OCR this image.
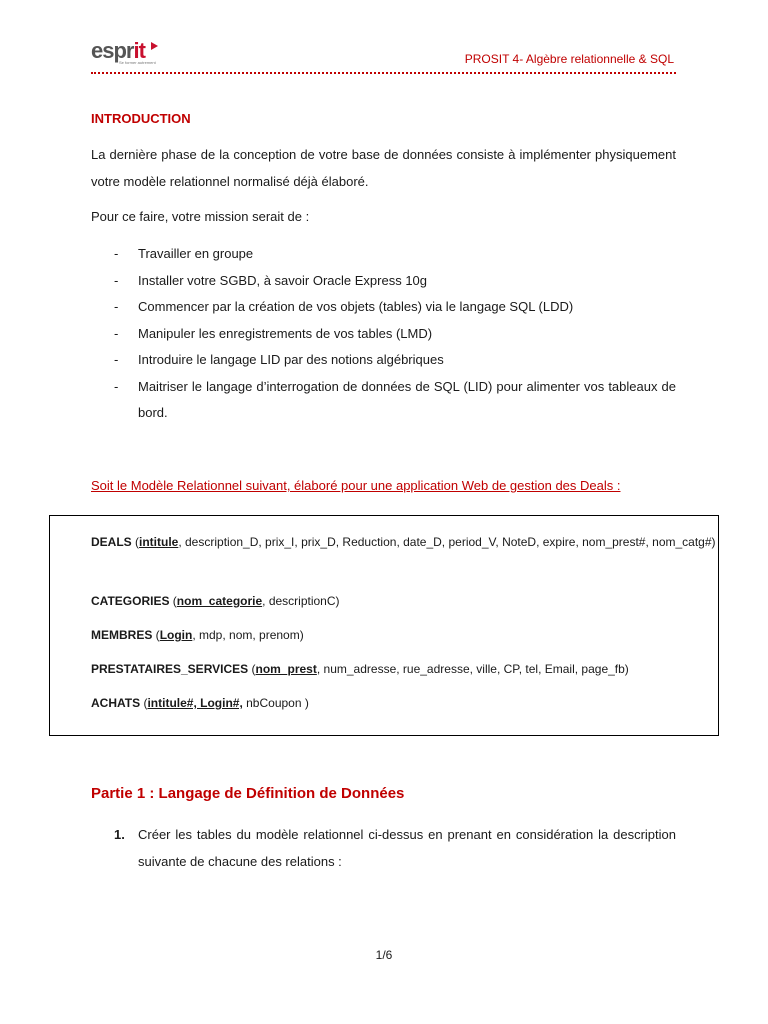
esprit
Se former autrement	PROSIT 4- Algèbre relationnelle & SQL
INTRODUCTION
La dernière phase de la conception de votre base de données consiste à implémenter physiquement votre modèle relationnel normalisé déjà élaboré.
Pour ce faire, votre mission serait de :
- Travailler en groupe
- Installer votre SGBD, à savoir Oracle Express 10g
- Commencer par la création de vos objets (tables) via le langage SQL (LDD)
- Manipuler les enregistrements de vos tables (LMD)
- Introduire le langage LID par des notions algébriques
- Maitriser le langage d’interrogation de données de SQL (LID) pour alimenter vos tableaux de bord.
Soit le Modèle Relationnel suivant, élaboré pour une application Web de gestion des Deals :
DEALS (intitule, description_D, prix_I, prix_D, Reduction, date_D, period_V, NoteD, expire, nom_prest#, nom_catg#)
CATEGORIES (nom_categorie, descriptionC)
MEMBRES (Login, mdp, nom, prenom)
PRESTATAIRES_SERVICES (nom_prest, num_adresse, rue_adresse, ville, CP, tel, Email, page_fb)
ACHATS (intitule#, Login#, nbCoupon )
Partie 1 : Langage de Définition de Données
1. Créer les tables du modèle relationnel ci-dessus en prenant en considération la description suivante de chacune des relations :
1/6
